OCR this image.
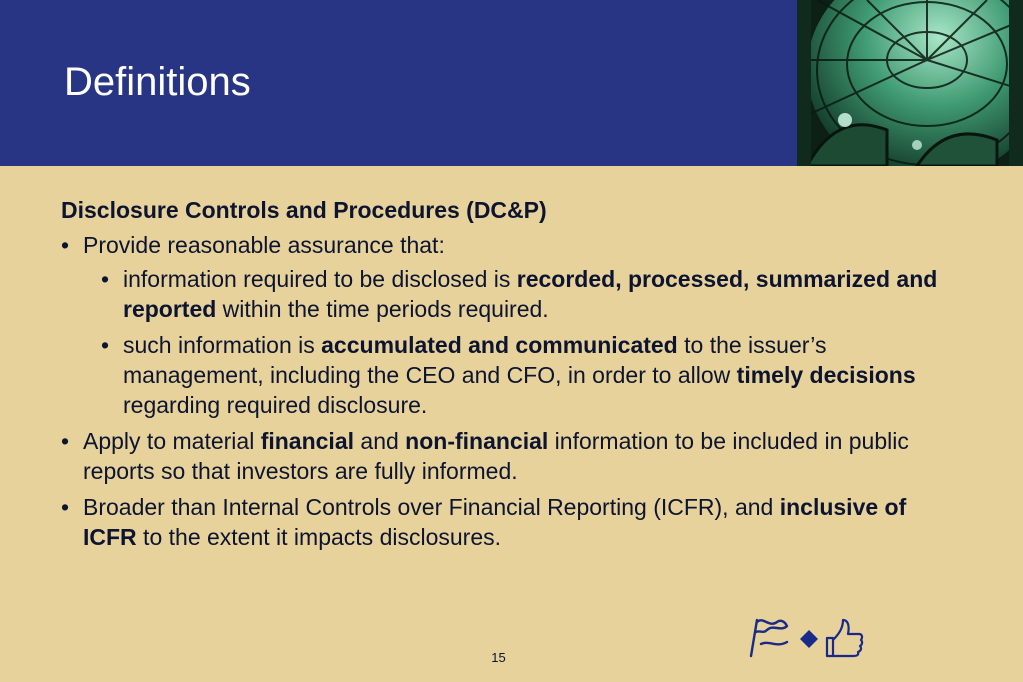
Definitions
Disclosure Controls and Procedures (DC&P)
• Provide reasonable assurance that:
• information required to be disclosed is recorded, processed, summarized and reported within the time periods required.
• such information is accumulated and communicated to the issuer’s management, including the CEO and CFO, in order to allow timely decisions regarding required disclosure.
• Apply to material financial and non-financial information to be included in public reports so that investors are fully informed.
• Broader than Internal Controls over Financial Reporting (ICFR), and inclusive of ICFR to the extent it impacts disclosures.
15
